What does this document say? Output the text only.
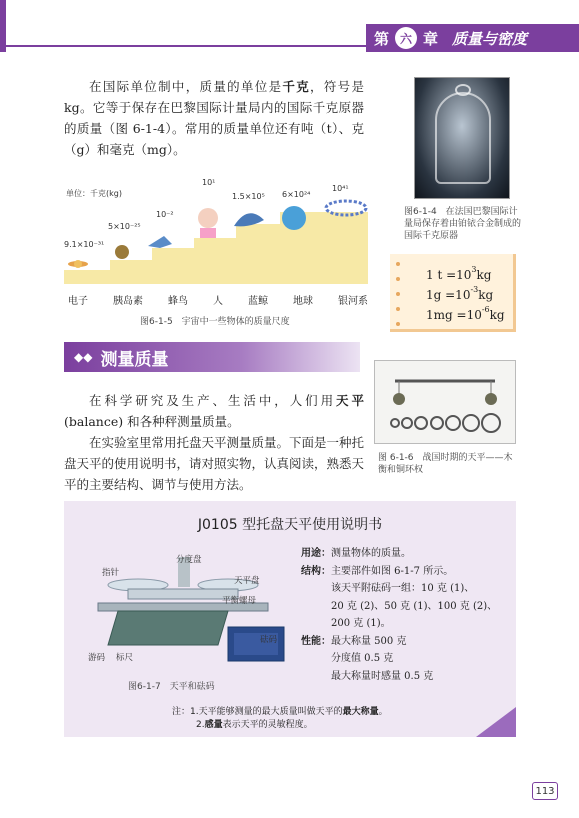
第 六 章 质量与密度

在国际单位制中，质量的单位是千克，符号是kg。它等于保存在巴黎国际计量局内的国际千克原器的质量（图 6-1-4）。常用的质量单位还有吨（t）、克（g）和毫克（mg）。

图6-1-4　在法国巴黎国际计量局保存着由铂铱合金制成的国际千克原器
1 $t =10^3kg$
$1g =10^{-3}kg$
$1mg =10^{-6}kg$
单位：千克(kg)
9.1×10⁻³¹
5×10⁻²⁵
10⁻²
10¹
1.5×10⁵ 6×10²⁴
10⁴¹
电子	胰岛素	蜂鸟	人	蓝鲸	地球	银河系
图6-1-5　宇宙中一些物体的质量尺度
◆◆ 测量质量

在科学研究及生产、生活中，人们用天平(balance) 和各种秤测量质量。

在实验室里常用托盘天平测量质量。下面是一种托盘天平的使用说明书，请对照实物，认真阅读，熟悉天平的主要结构、调节与使用方法。

图 6-1-6　战国时期的天平——木衡和铜环权
J0105 型托盘天平使用说明书
指针
分度盘
天平盘
平衡螺母
砝码
游码 标尺
图6-1-7　天平和砝码
用途：测量物体的质量。
结构：主要部件如图 6-1-7 所示。
该天平附砝码一组：10 克 (1)、
20 克 (2)、50 克 (1)、100 克 (2)、
200 克 (1)。
性能：最大称量 500 克
分度值 0.5 克
最大称量时感量 0.5 克
注：1.天平能够测量的最大质量叫做天平的最大称量。
2.感量表示天平的灵敏程度。
113
